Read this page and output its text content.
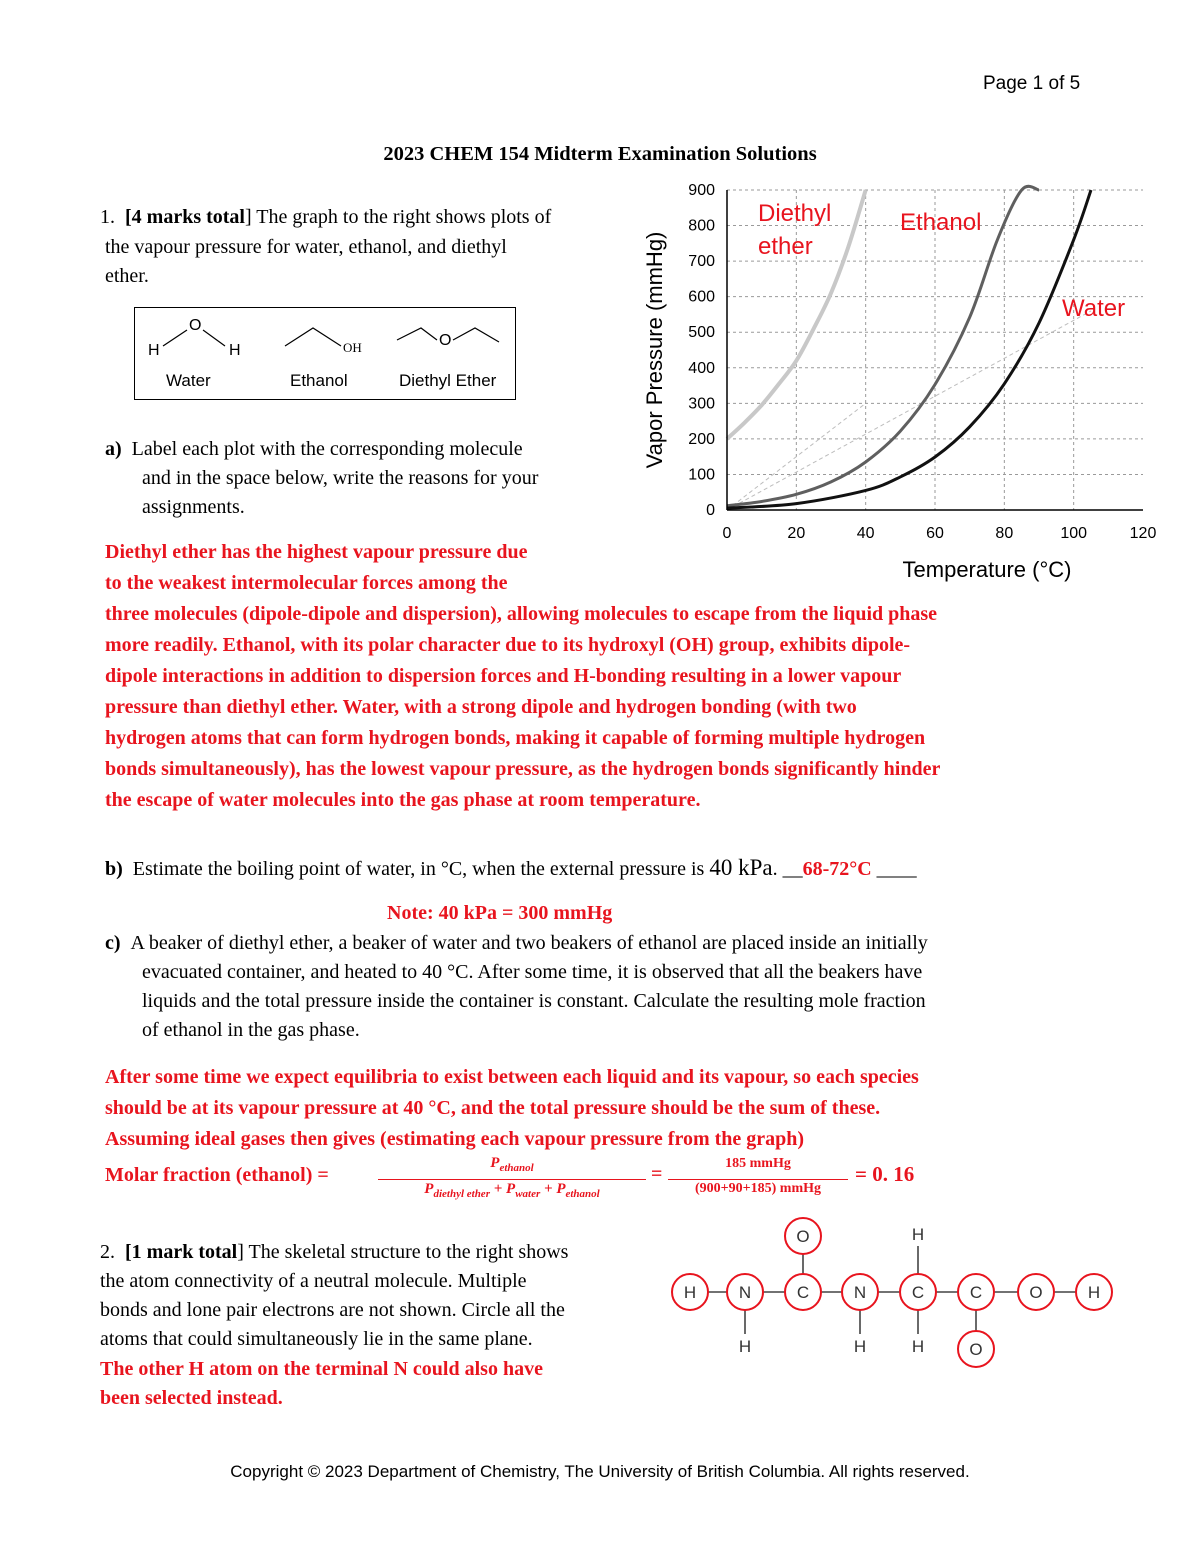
Page 1 of 5
2023 CHEM 154 Midterm Examination Solutions
1. [4 marks total] The graph to the right shows plots of
the vapour pressure for water, ethanol, and diethyl
ether.
O
H	H	OH	O
Water	Ethanol	Diethyl Ether
a) Label each plot with the corresponding molecule
and in the space below, write the reasons for your
assignments.
Diethyl ether has the highest vapour pressure due
to the weakest intermolecular forces among the
three molecules (dipole-dipole and dispersion), allowing molecules to escape from the liquid phase
more readily. Ethanol, with its polar character due to its hydroxyl (OH) group, exhibits dipole-
dipole interactions in addition to dispersion forces and H-bonding resulting in a lower vapour
pressure than diethyl ether. Water, with a strong dipole and hydrogen bonding (with two
hydrogen atoms that can form hydrogen bonds, making it capable of forming multiple hydrogen
bonds simultaneously), has the lowest vapour pressure, as the hydrogen bonds significantly hinder
the escape of water molecules into the gas phase at room temperature.
b) Estimate the boiling point of water, in °C, when the external pressure is 40 kPa. __68-72°C ____
Note: 40 kPa = 300 mmHg
c) A beaker of diethyl ether, a beaker of water and two beakers of ethanol are placed inside an initially
evacuated container, and heated to 40 °C. After some time, it is observed that all the beakers have
liquids and the total pressure inside the container is constant. Calculate the resulting mole fraction
of ethanol in the gas phase.
After some time we expect equilibria to exist between each liquid and its vapour, so each species
should be at its vapour pressure at 40 °C, and the total pressure should be the sum of these.
Assuming ideal gases then gives (estimating each vapour pressure from the graph)
Molar fraction (ethanol) =
$P_{ethanol}$
$P_{diethyl ether} + P_{water} + P_{ethanol}$
=	185 mmHg
(900+90+185) mmHg
= 0. 16
2. [1 mark total] The skeletal structure to the right shows
the atom connectivity of a neutral molecule. Multiple
bonds and lone pair electrons are not shown. Circle all the
atoms that could simultaneously lie in the same plane.
The other H atom on the terminal N could also have
been selected instead.
H	N	C	N	C	C	O	H
O	H
H	H	H	O
0
100
200
300
400
500
600
700
800
900
0	20	40	60	80	100	120
Temperature (°C)
Vapor Pressure (mmHg)
Diethyl
ether
Ethanol
Water
Copyright © 2023 Department of Chemistry, The University of British Columbia. All rights reserved.
